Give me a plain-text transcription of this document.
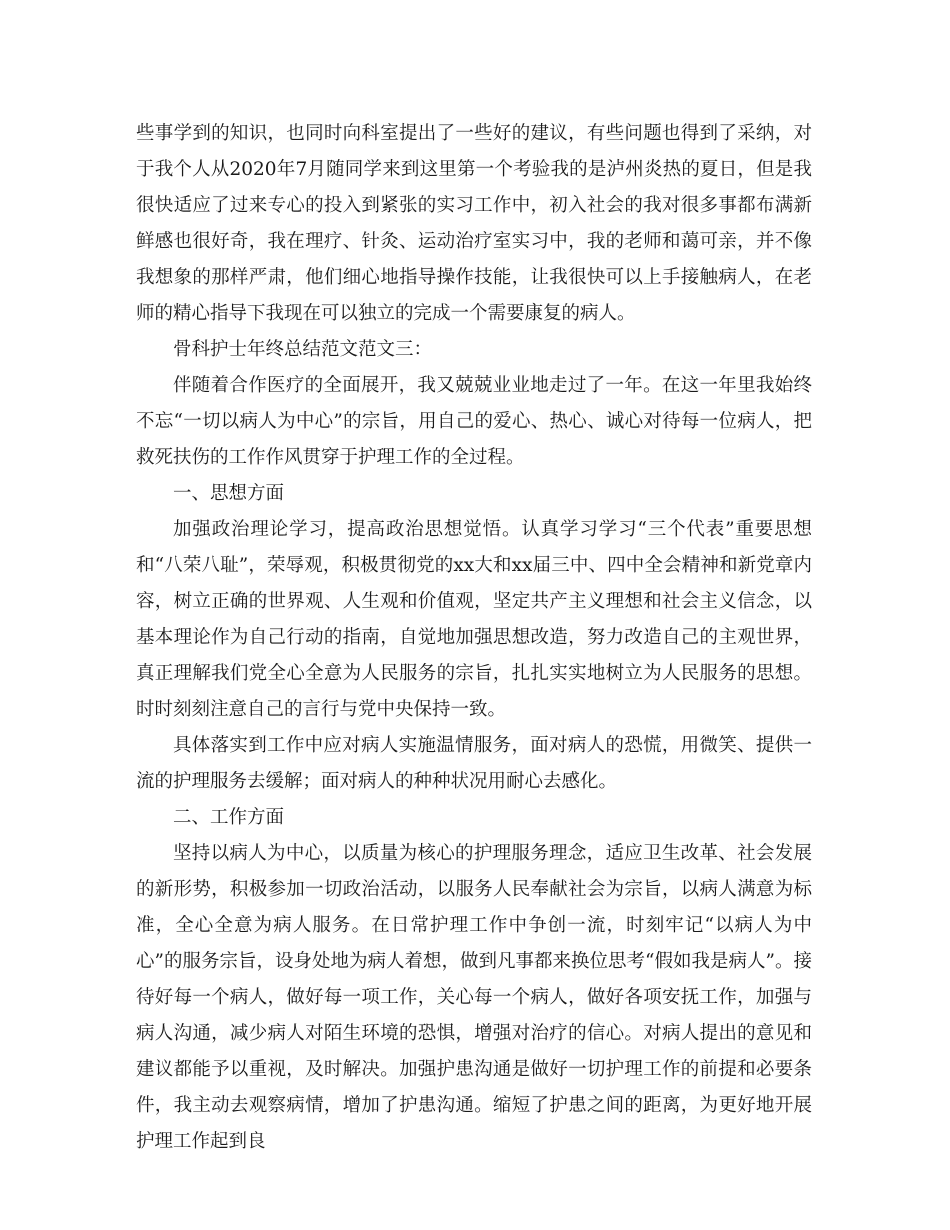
些事学到的知识，也同时向科室提出了一些好的建议，有些问题也得到了采纳，对于我个人从2020年7月随同学来到这里第一个考验我的是泸州炎热的夏日，但是我很快适应了过来专心的投入到紧张的实习工作中，初入社会的我对很多事都布满新鲜感也很好奇，我在理疗、针灸、运动治疗室实习中，我的老师和蔼可亲，并不像我想象的那样严肃，他们细心地指导操作技能，让我很快可以上手接触病人，在老师的精心指导下我现在可以独立的完成一个需要康复的病人。

骨科护士年终总结范文范文三：

伴随着合作医疗的全面展开，我又兢兢业业地走过了一年。在这一年里我始终不忘“一切以病人为中心”的宗旨，用自己的爱心、热心、诚心对待每一位病人，把救死扶伤的工作作风贯穿于护理工作的全过程。

一、思想方面

加强政治理论学习，提高政治思想觉悟。认真学习学习“三个代表”重要思想和“八荣八耻”，荣辱观，积极贯彻党的xx大和xx届三中、四中全会精神和新党章内容，树立正确的世界观、人生观和价值观，坚定共产主义理想和社会主义信念，以基本理论作为自己行动的指南，自觉地加强思想改造，努力改造自己的主观世界，真正理解我们党全心全意为人民服务的宗旨，扎扎实实地树立为人民服务的思想。时时刻刻注意自己的言行与党中央保持一致。

具体落实到工作中应对病人实施温情服务，面对病人的恐慌，用微笑、提供一流的护理服务去缓解；面对病人的种种状况用耐心去感化。

二、工作方面

坚持以病人为中心，以质量为核心的护理服务理念，适应卫生改革、社会发展的新形势，积极参加一切政治活动，以服务人民奉献社会为宗旨，以病人满意为标准，全心全意为病人服务。在日常护理工作中争创一流，时刻牢记“以病人为中心”的服务宗旨，设身处地为病人着想，做到凡事都来换位思考“假如我是病人”。接待好每一个病人，做好每一项工作，关心每一个病人，做好各项安抚工作，加强与病人沟通，减少病人对陌生环境的恐惧，增强对治疗的信心。对病人提出的意见和建议都能予以重视，及时解决。加强护患沟通是做好一切护理工作的前提和必要条件，我主动去观察病情，增加了护患沟通。缩短了护患之间的距离，为更好地开展护理工作起到良
